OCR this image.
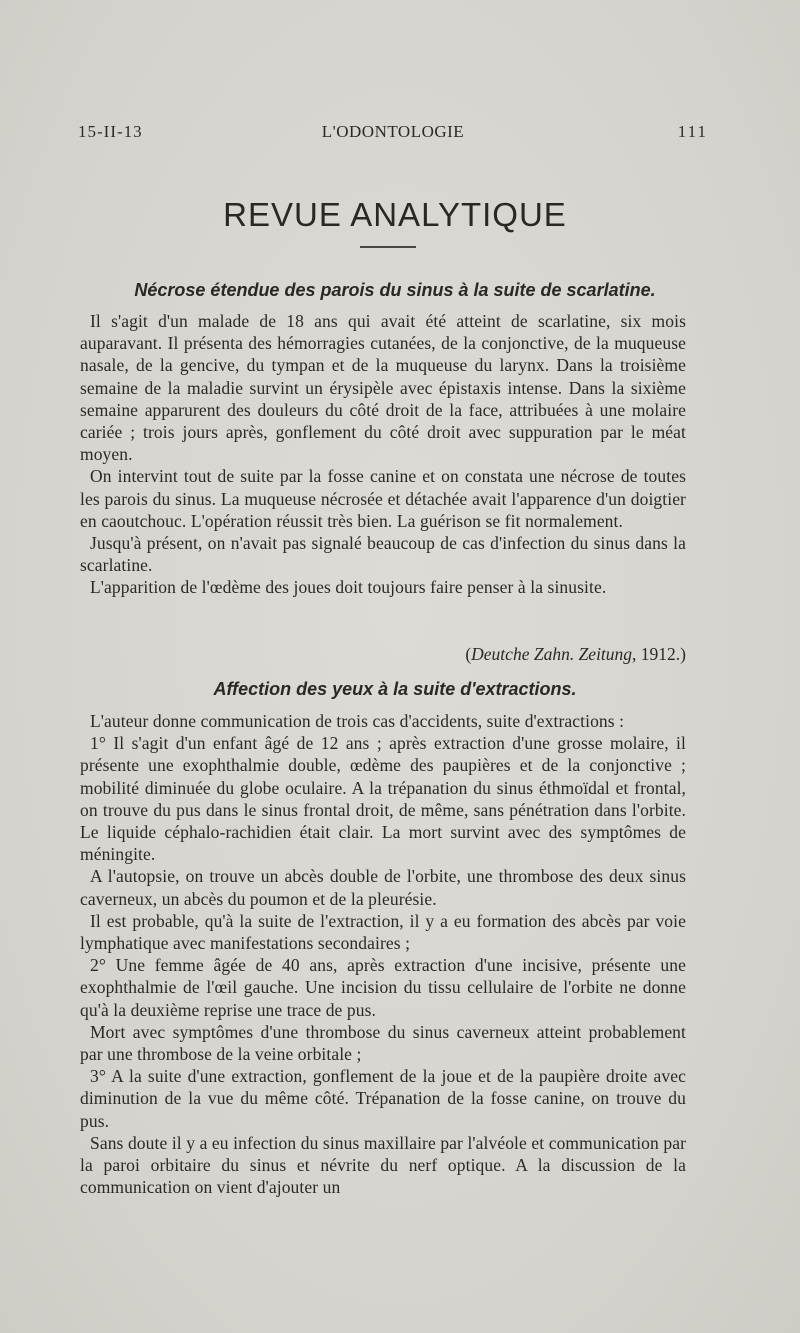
15-II-13	L'ODONTOLOGIE	111
REVUE ANALYTIQUE
Nécrose étendue des parois du sinus à la suite de scarlatine.

Il s'agit d'un malade de 18 ans qui avait été atteint de scarlatine, six mois auparavant. Il présenta des hémorragies cutanées, de la conjonctive, de la muqueuse nasale, de la gencive, du tympan et de la muqueuse du larynx. Dans la troisième semaine de la maladie survint un érysipèle avec épistaxis intense. Dans la sixième semaine apparurent des douleurs du côté droit de la face, attribuées à une molaire cariée ; trois jours après, gonflement du côté droit avec suppuration par le méat moyen.

On intervint tout de suite par la fosse canine et on constata une nécrose de toutes les parois du sinus. La muqueuse nécrosée et détachée avait l'apparence d'un doigtier en caoutchouc. L'opération réussit très bien. La guérison se fit normalement.

Jusqu'à présent, on n'avait pas signalé beaucoup de cas d'infection du sinus dans la scarlatine.

L'apparition de l'œdème des joues doit toujours faire penser à la sinusite.

(Deutche Zahn. Zeitung, 1912.)
Affection des yeux à la suite d'extractions.

L'auteur donne communication de trois cas d'accidents, suite d'extractions :

1° Il s'agit d'un enfant âgé de 12 ans ; après extraction d'une grosse molaire, il présente une exophthalmie double, œdème des paupières et de la conjonctive ; mobilité diminuée du globe oculaire. A la trépanation du sinus éthmoïdal et frontal, on trouve du pus dans le sinus frontal droit, de même, sans pénétration dans l'orbite. Le liquide céphalo-rachidien était clair. La mort survint avec des symptômes de méningite.

A l'autopsie, on trouve un abcès double de l'orbite, une thrombose des deux sinus caverneux, un abcès du poumon et de la pleurésie.

Il est probable, qu'à la suite de l'extraction, il y a eu formation des abcès par voie lymphatique avec manifestations secondaires ;

2° Une femme âgée de 40 ans, après extraction d'une incisive, présente une exophthalmie de l'œil gauche. Une incision du tissu cellulaire de l'orbite ne donne qu'à la deuxième reprise une trace de pus.

Mort avec symptômes d'une thrombose du sinus caverneux atteint probablement par une thrombose de la veine orbitale ;

3° A la suite d'une extraction, gonflement de la joue et de la paupière droite avec diminution de la vue du même côté. Trépanation de la fosse canine, on trouve du pus.

Sans doute il y a eu infection du sinus maxillaire par l'alvéole et communication par la paroi orbitaire du sinus et névrite du nerf optique. A la discussion de la communication on vient d'ajouter un
